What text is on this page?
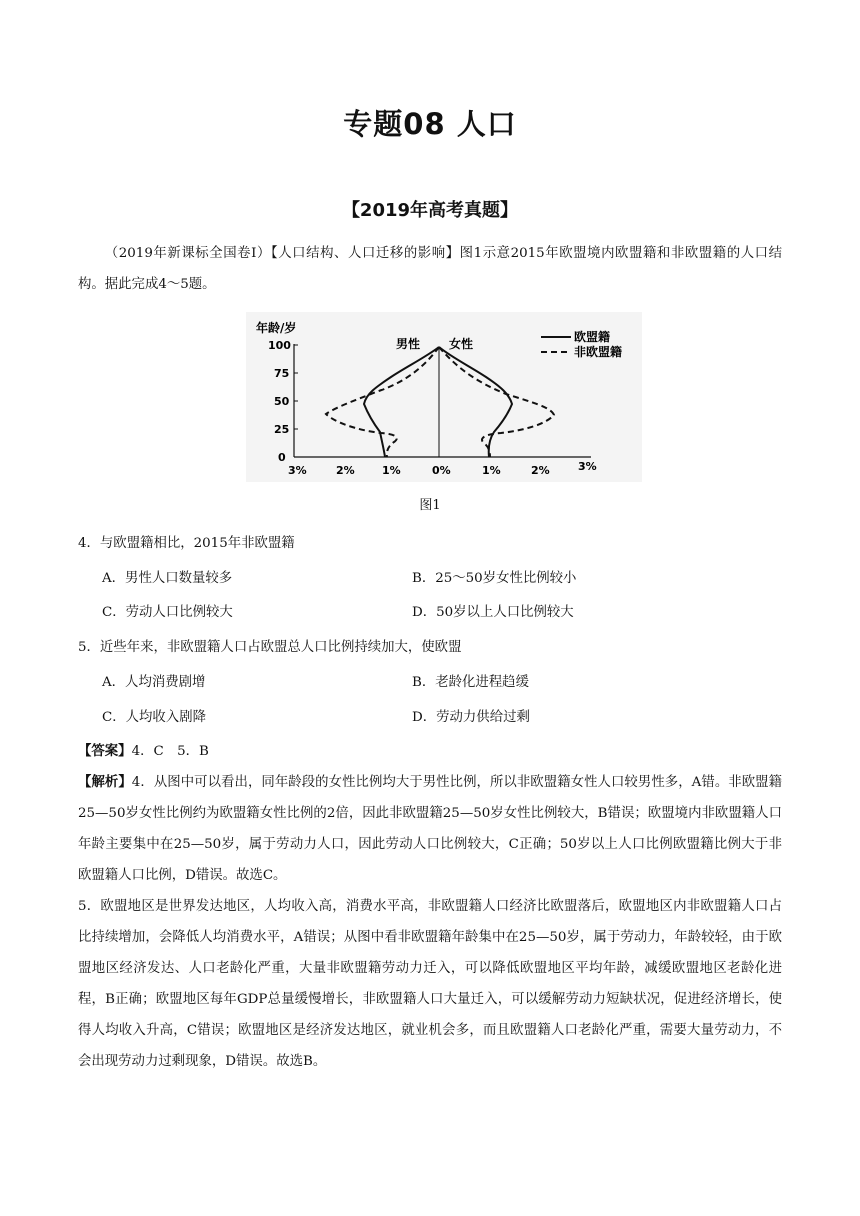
专题08 人口
【2019年高考真题】
（2019年新课标全国卷Ⅰ）【人口结构、人口迁移的影响】图1示意2015年欧盟境内欧盟籍和非欧盟籍的人口结构。据此完成4～5题。
年龄/岁
100
75
50
25
0
3%	2% 1%	0%	1%	2%	3%
男性 女性	欧盟籍
非欧盟籍
图1
4．与欧盟籍相比，2015年非欧盟籍
A．男性人口数量较多	B．25～50岁女性比例较小
C．劳动人口比例较大	D．50岁以上人口比例较大
5．近些年来，非欧盟籍人口占欧盟总人口比例持续加大，使欧盟
A．人均消费剧增	B．老龄化进程趋缓
C．人均收入剧降	D．劳动力供给过剩
【答案】4．C　5．B
【解析】4．从图中可以看出，同年龄段的女性比例均大于男性比例，所以非欧盟籍女性人口较男性多，A错。非欧盟籍25—50岁女性比例约为欧盟籍女性比例的2倍，因此非欧盟籍25—50岁女性比例较大，B错误；欧盟境内非欧盟籍人口年龄主要集中在25—50岁，属于劳动力人口，因此劳动人口比例较大，C正确；50岁以上人口比例欧盟籍比例大于非欧盟籍人口比例，D错误。故选C。
5．欧盟地区是世界发达地区，人均收入高，消费水平高，非欧盟籍人口经济比欧盟落后，欧盟地区内非欧盟籍人口占比持续增加，会降低人均消费水平，A错误；从图中看非欧盟籍年龄集中在25—50岁，属于劳动力，年龄较轻，由于欧盟地区经济发达、人口老龄化严重，大量非欧盟籍劳动力迁入，可以降低欧盟地区平均年龄，减缓欧盟地区老龄化进程，B正确；欧盟地区每年GDP总量缓慢增长，非欧盟籍人口大量迁入，可以缓解劳动力短缺状况，促进经济增长，使得人均收入升高，C错误；欧盟地区是经济发达地区，就业机会多，而且欧盟籍人口老龄化严重，需要大量劳动力，不会出现劳动力过剩现象，D错误。故选B。
